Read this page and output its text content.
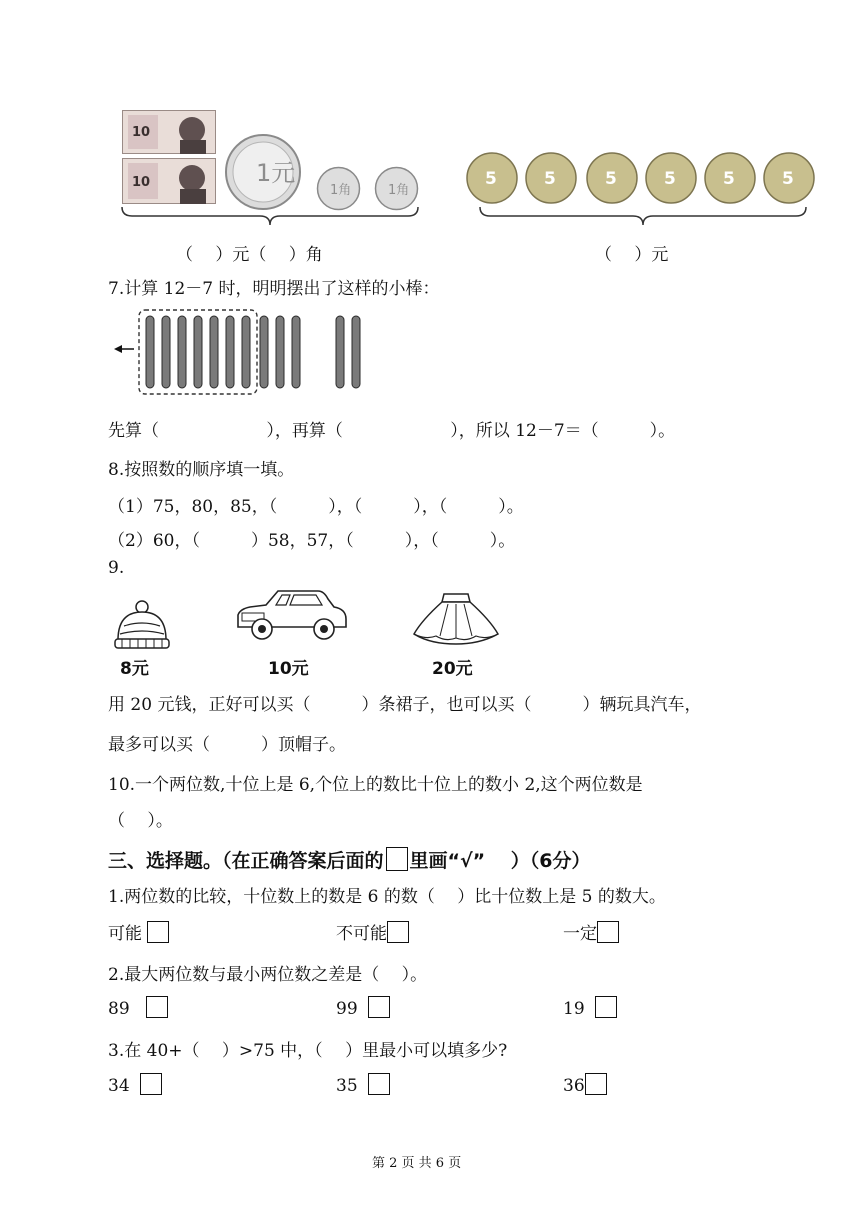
10
10	1元
1角	1角
5	5	5	5	5	5
（　 ）元（　 ）角	（　 ）元
7.计算 12－7 时，明明摆出了这样的小棒：
先算（　　　　　　 ），再算（　　　　　　 ），所以 12－7＝（　　　）。
8.按照数的顺序填一填。
（1）75，80，85，（　　　），（　　　），（　　　）。
（2）60，（　　　）58，57，（　　　），（　　　）。
9.
8元	10元	20元
用 20 元钱，正好可以买（　　　）条裙子，也可以买（　　　）辆玩具汽车，
最多可以买（　　　）顶帽子。
10.一个两位数,十位上是 6,个位上的数比十位上的数小 2,这个两位数是
（　 ）。
三、选择题。（在正确答案后面的 里画“√”　 ）（6分）
1.两位数的比较，十位数上的数是 6 的数（　 ）比十位数上是 5 的数大。
可能	不可能	一定
2.最大两位数与最小两位数之差是（　 ）。
89	99	19
3.在 40+（　 ）>75 中，（　 ）里最小可以填多少?
34	35	36
第 2 页 共 6 页
